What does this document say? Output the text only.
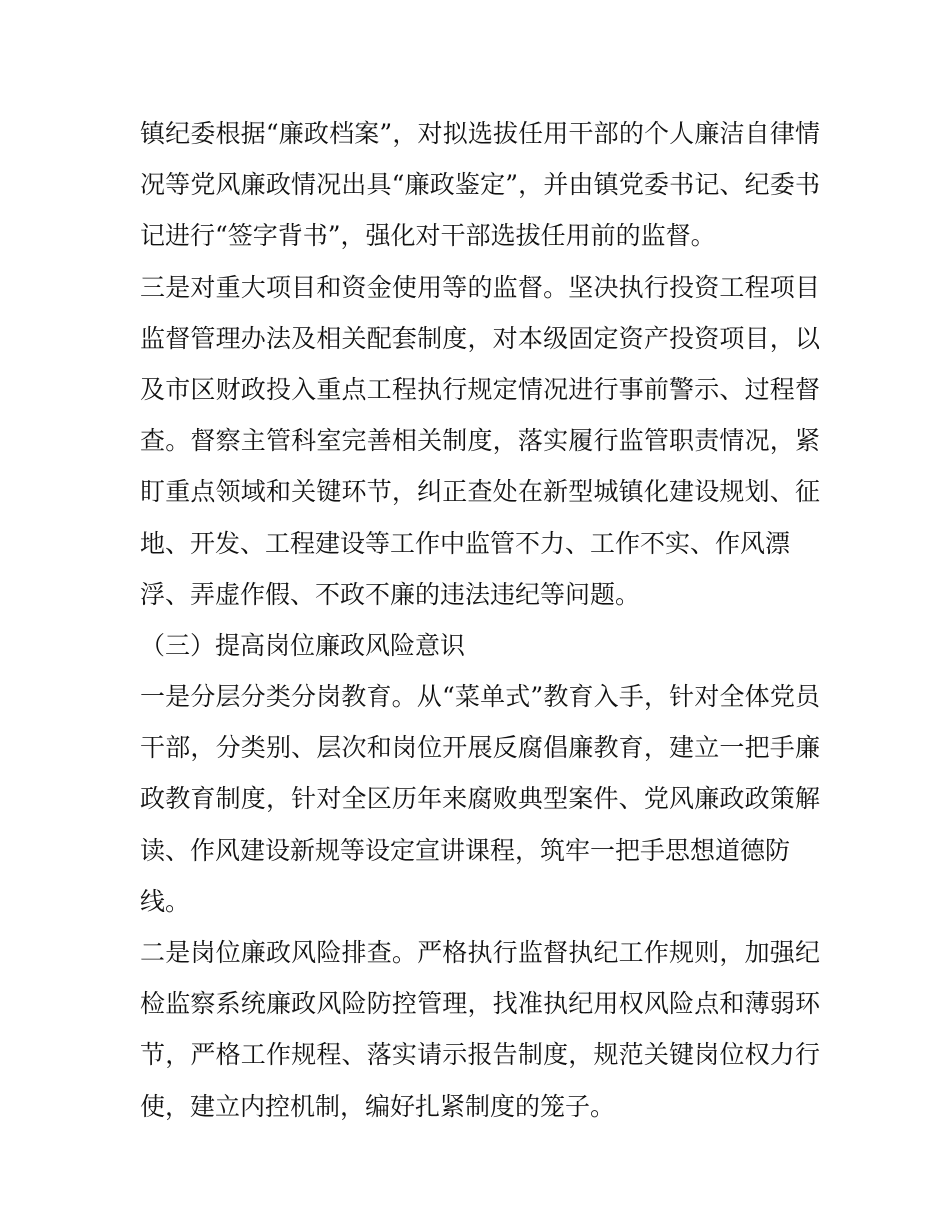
镇纪委根据“廉政档案”，对拟选拔任用干部的个人廉洁自律情
况等党风廉政情况出具“廉政鉴定”，并由镇党委书记、纪委书
记进行“签字背书”，强化对干部选拔任用前的监督。
三是对重大项目和资金使用等的监督。坚决执行投资工程项目
监督管理办法及相关配套制度，对本级固定资产投资项目，以
及市区财政投入重点工程执行规定情况进行事前警示、过程督
查。督察主管科室完善相关制度，落实履行监管职责情况，紧
盯重点领域和关键环节，纠正查处在新型城镇化建设规划、征
地、开发、工程建设等工作中监管不力、工作不实、作风漂
浮、弄虚作假、不政不廉的违法违纪等问题。
（三）提高岗位廉政风险意识
一是分层分类分岗教育。从“菜单式”教育入手，针对全体党员
干部，分类别、层次和岗位开展反腐倡廉教育，建立一把手廉
政教育制度，针对全区历年来腐败典型案件、党风廉政政策解
读、作风建设新规等设定宣讲课程，筑牢一把手思想道德防
线。
二是岗位廉政风险排查。严格执行监督执纪工作规则，加强纪
检监察系统廉政风险防控管理，找准执纪用权风险点和薄弱环
节，严格工作规程、落实请示报告制度，规范关键岗位权力行
使，建立内控机制，编好扎紧制度的笼子。
